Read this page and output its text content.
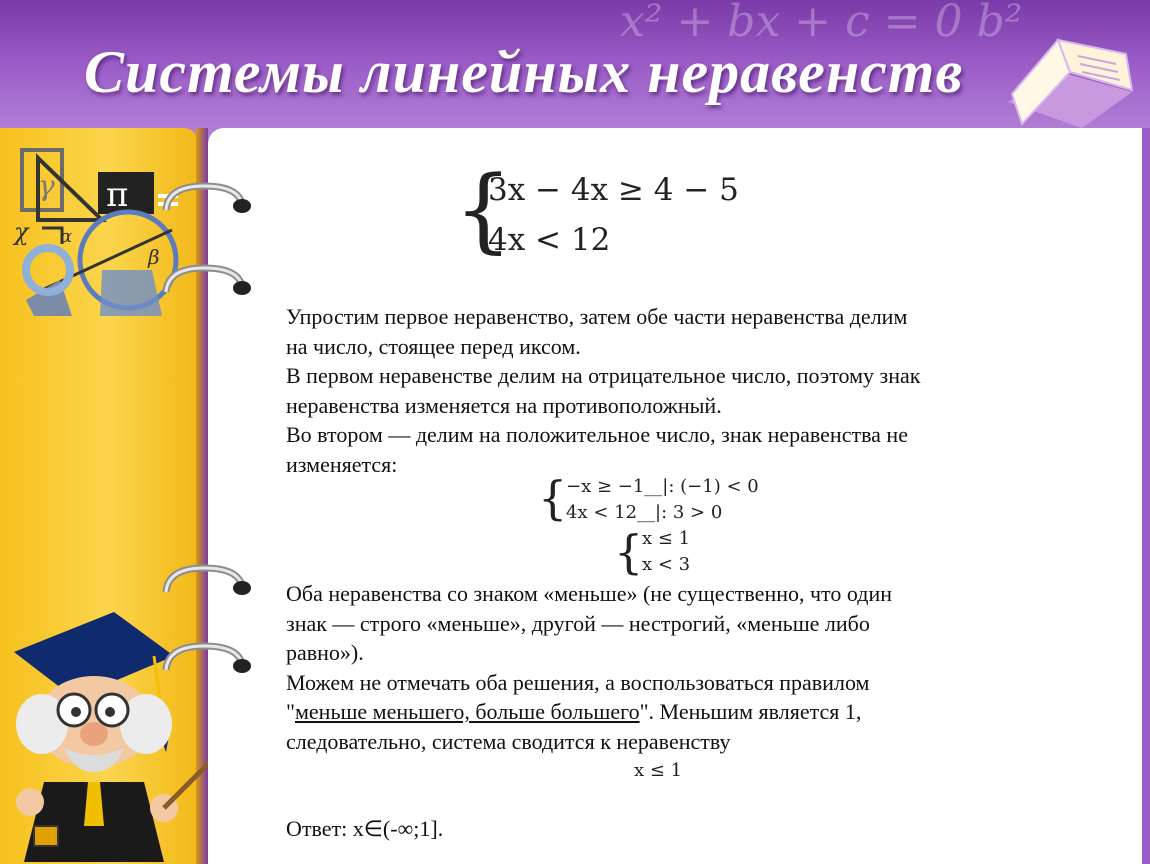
x² + bx + c = 0 b²
Системы линейных неравенств
γ π
χ α
β	{
3x − 4x ≥ 4 − 5
4x < 12

Упростим первое неравенство, затем обе части неравенства делим

на число, стоящее перед иксом.

В первом неравенстве делим на отрицательное число, поэтому знак

неравенства изменяется на противоположный.

Во втором — делим на положительное число, знак неравенства не

изменяется:

{
−x ≥ −1__|: (−1) < 0
4x < 12__|: 3 > 0
{
x ≤ 1
x < 3

Оба неравенства со знаком «меньше» (не существенно, что один

знак — строго «меньше», другой — нестрогий, «меньше либо

равно»).

Можем не отмечать оба решения, а воспользоваться правилом

"меньше меньшего, больше большего". Меньшим является 1,

следовательно, система сводится к неравенству

x ≤ 1
Ответ: x∈(-∞;1].
